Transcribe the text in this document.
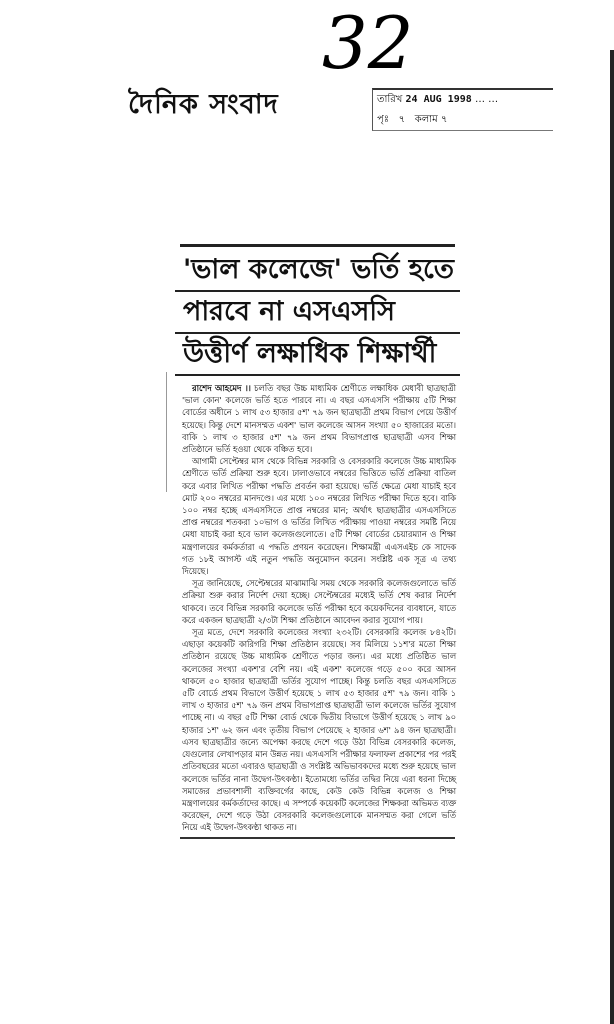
দৈনিক সংবাদ
32
তারিখ 24 AUG 1998 … …
পৃঃ ৭ কলাম ৭
'ভাল কলেজে' ভর্তি হতে
পারবে না এসএসসি
উত্তীর্ণ লক্ষাধিক শিক্ষার্থী

রাশেদ আহমেদ ।। চলতি বছর উচ্চ মাধ্যমিক শ্রেণীতে লক্ষাধিক মেধাবী ছাত্রছাত্রী 'ভাল কোন' কলেজে ভর্তি হতে পারবে না। এ বছর এসএসসি পরীক্ষায় ৫টি শিক্ষা বোর্ডের অধীনে ১ লাখ ৫৩ হাজার ৫শ' ৭৯ জন ছাত্রছাত্রী প্রথম বিভাগ পেয়ে উত্তীর্ণ হয়েছে। কিন্তু দেশে মানসম্মত একশ' ভাল কলেজে আসন সংখ্যা ৫০ হাজারের মতো। বাকি ১ লাখ ৩ হাজার ৫শ' ৭৯ জন প্রথম বিভাগপ্রাপ্ত ছাত্রছাত্রী এসব শিক্ষা প্রতিষ্ঠানে ভর্তি হওয়া থেকে বঞ্চিত হবে।

আগামী সেপ্টেম্বর মাস থেকে বিভিন্ন সরকারি ও বেসরকারি কলেজে উচ্চ মাধ্যমিক শ্রেণীতে ভর্তি প্রক্রিয়া শুরু হবে। ঢালাওভাবে নম্বরের ভিত্তিতে ভর্তি প্রক্রিয়া বাতিল করে এবার লিখিত পরীক্ষা পদ্ধতি প্রবর্তন করা হয়েছে। ভর্তি ক্ষেত্রে মেধা যাচাই হবে মোট ২০০ নম্বরের মানদণ্ডে। এর মধ্যে ১০০ নম্বরের লিখিত পরীক্ষা দিতে হবে। বাকি ১০০ নম্বর হচ্ছে এসএসসিতে প্রাপ্ত নম্বরের মান; অর্থাৎ ছাত্রছাত্রীর এসএসসিতে প্রাপ্ত নম্বরের শতকরা ১০ভাগ ও ভর্তির লিখিত পরীক্ষায় পাওয়া নম্বরের সমষ্টি নিয়ে মেধা যাচাই করা হবে ভাল কলেজগুলোতে। ৫টি শিক্ষা বোর্ডের চেয়ারম্যান ও শিক্ষা মন্ত্রণালয়ের কর্মকর্তারা এ পদ্ধতি প্রণয়ন করেছেন। শিক্ষামন্ত্রী এএসএইচ কে সাদেক গত ১৮ই আগস্ট এই নতুন পদ্ধতি অনুমোদন করেন। সংশ্লিষ্ট এক সূত্র এ তথ্য দিয়েছে।

সূত্র জানিয়েছে, সেপ্টেম্বরের মাঝামাঝি সময় থেকে সরকারি কলেজগুলোতে ভর্তি প্রক্রিয়া শুরু করার নির্দেশ দেয়া হচ্ছে। সেপ্টেম্বরের মধ্যেই ভর্তি শেষ করার নির্দেশ থাকবে। তবে বিভিন্ন সরকারি কলেজে ভর্তি পরীক্ষা হবে কয়েকদিনের ব্যবধানে, যাতে করে একজন ছাত্রছাত্রী ২/৩টা শিক্ষা প্রতিষ্ঠানে আবেদন করার সুযোগ পায়।

সূত্র মতে, দেশে সরকারি কলেজের সংখ্যা ২৩২টি। বেসরকারি কলেজ ৮৪২টি। এছাড়া কয়েকটি কারিগরি শিক্ষা প্রতিষ্ঠান রয়েছে। সব মিলিয়ে ১১শ'র মতো শিক্ষা প্রতিষ্ঠান রয়েছে উচ্চ মাধ্যমিক শ্রেণীতে পড়ার জন্য। এর মধ্যে প্রতিষ্ঠিত ভাল কলেজের সংখ্যা একশ'র বেশি নয়। এই একশ' কলেজে গড়ে ৫০০ করে আসন থাকলে ৫০ হাজার ছাত্রছাত্রী ভর্তির সুযোগ পাচ্ছে। কিন্তু চলতি বছর এসএসসিতে ৫টি বোর্ডে প্রথম বিভাগে উত্তীর্ণ হয়েছে ১ লাখ ৫৩ হাজার ৫শ' ৭৯ জন। বাকি ১ লাখ ৩ হাজার ৫শ' ৭৯ জন প্রথম বিভাগপ্রাপ্ত ছাত্রছাত্রী ভাল কলেজে ভর্তির সুযোগ পাচ্ছে না। এ বছর ৫টি শিক্ষা বোর্ড থেকে দ্বিতীয় বিভাগে উত্তীর্ণ হয়েছে ১ লাখ ৯০ হাজার ১শ' ৬২ জন এবং তৃতীয় বিভাগ পেয়েছে ২ হাজার ৬শ' ৯৪ জন ছাত্রছাত্রী। এসব ছাত্রছাত্রীর জন্যে অপেক্ষা করছে দেশে গড়ে উঠা বিভিন্ন বেসরকারি কলেজ, যেগুলোর লেখাপড়ার মান উন্নত নয়। এসএসসি পরীক্ষার ফলাফল প্রকাশের পর পরই প্রতিবছরের মতো এবারও ছাত্রছাত্রী ও সংশ্লিষ্ট অভিভাবকদের মধ্যে শুরু হয়েছে ভাল কলেজে ভর্তির নানা উদ্বেগ-উৎকণ্ঠা। ইতোমধ্যে ভর্তির তদ্বির নিয়ে এরা ধরনা দিচ্ছে সমাজের প্রভাবশালী ব্যক্তিবর্গের কাছে, কেউ কেউ বিভিন্ন কলেজ ও শিক্ষা মন্ত্রণালয়ের কর্মকর্তাদের কাছে। এ সম্পর্কে কয়েকটি কলেজের শিক্ষকরা অভিমত ব্যক্ত করেছেন, দেশে গড়ে উঠা বেসরকারি কলেজগুলোকে মানসম্মত করা গেলে ভর্তি নিয়ে এই উদ্বেগ-উৎকণ্ঠা থাকত না।
